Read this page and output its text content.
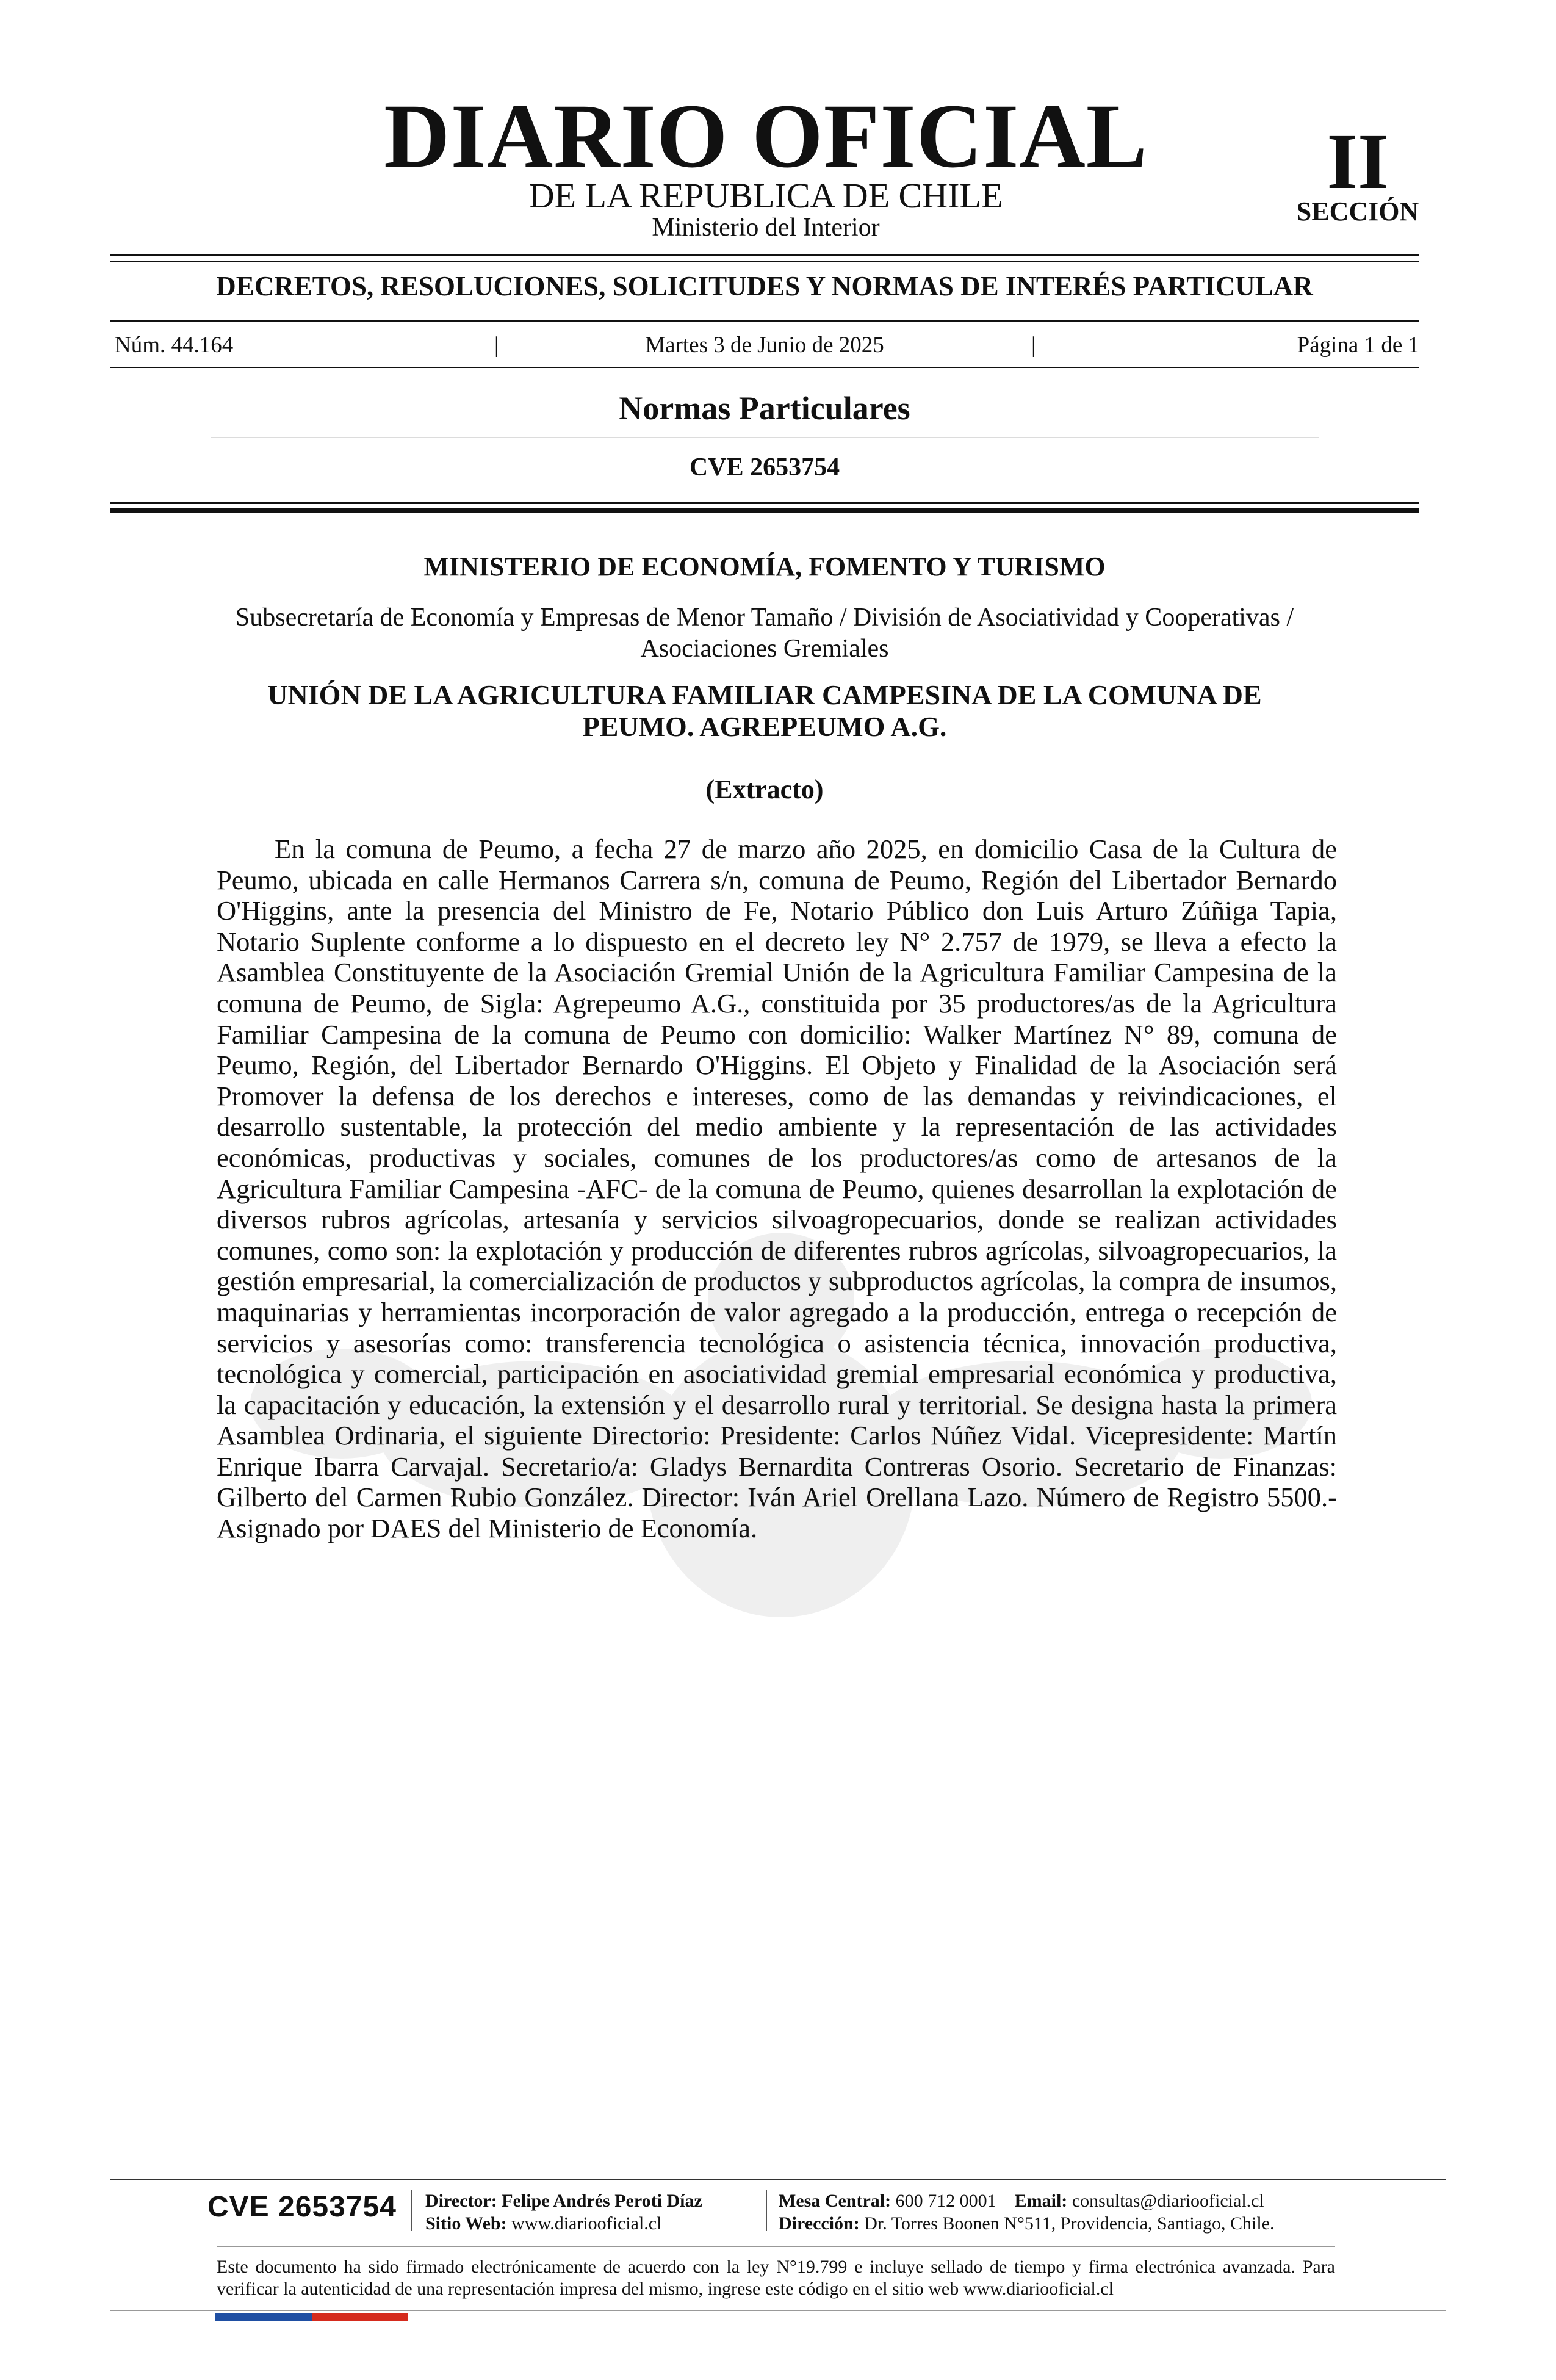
DIARIO OFICIAL
DE LA REPUBLICA DE CHILE
Ministerio del Interior
II
SECCIÓN
DECRETOS, RESOLUCIONES, SOLICITUDES Y NORMAS DE INTERÉS PARTICULAR
Núm. 44.164	|	Martes 3 de Junio de 2025	|	Página 1 de 1
Normas Particulares
CVE 2653754
MINISTERIO DE ECONOMÍA, FOMENTO Y TURISMO
Subsecretaría de Economía y Empresas de Menor Tamaño / División de Asociatividad y Cooperativas / Asociaciones Gremiales
UNIÓN DE LA AGRICULTURA FAMILIAR CAMPESINA DE LA COMUNA DE PEUMO. AGREPEUMO A.G.
(Extracto)

En la comuna de Peumo, a fecha 27 de marzo año 2025, en domicilio Casa de la Cultura de Peumo, ubicada en calle Hermanos Carrera s/n, comuna de Peumo, Región del Libertador Bernardo O'Higgins, ante la presencia del Ministro de Fe, Notario Público don Luis Arturo Zúñiga Tapia, Notario Suplente conforme a lo dispuesto en el decreto ley N° 2.757 de 1979, se lleva a efecto la Asamblea Constituyente de la Asociación Gremial Unión de la Agricultura Familiar Campesina de la comuna de Peumo, de Sigla: Agrepeumo A.G., constituida por 35 productores/as de la Agricultura Familiar Campesina de la comuna de Peumo con domicilio: Walker Martínez N° 89, comuna de Peumo, Región, del Libertador Bernardo O'Higgins. El Objeto y Finalidad de la Asociación será Promover la defensa de los derechos e intereses, como de las demandas y reivindicaciones, el desarrollo sustentable, la protección del medio ambiente y la representación de las actividades económicas, productivas y sociales, comunes de los productores/as como de artesanos de la Agricultura Familiar Campesina -AFC- de la comuna de Peumo, quienes desarrollan la explotación de diversos rubros agrícolas, artesanía y servicios silvoagropecuarios, donde se realizan actividades comunes, como son: la explotación y producción de diferentes rubros agrícolas, silvoagropecuarios, la gestión empresarial, la comercialización de productos y subproductos agrícolas, la compra de insumos, maquinarias y herramientas incorporación de valor agregado a la producción, entrega o recepción de servicios y asesorías como: transferencia tecnológica o asistencia técnica, innovación productiva, tecnológica y comercial, participación en asociatividad gremial empresarial económica y productiva, la capacitación y educación, la extensión y el desarrollo rural y territorial. Se designa hasta la primera Asamblea Ordinaria, el siguiente Directorio: Presidente: Carlos Núñez Vidal. Vicepresidente: Martín Enrique Ibarra Carvajal. Secretario/a: Gladys Bernardita Contreras Osorio. Secretario de Finanzas: Gilberto del Carmen Rubio González. Director: Iván Ariel Orellana Lazo. Número de Registro 5500.- Asignado por DAES del Ministerio de Economía.

CVE 2653754	Director: Felipe Andrés Peroti Díaz
Sitio Web: www.diariooficial.cl
Mesa Central: 600 712 0001 Email: consultas@diariooficial.cl
Dirección: Dr. Torres Boonen N°511, Providencia, Santiago, Chile.

Este documento ha sido firmado electrónicamente de acuerdo con la ley N°19.799 e incluye sellado de tiempo y firma electrónica avanzada. Para verificar la autenticidad de una representación impresa del mismo, ingrese este código en el sitio web www.diariooficial.cl
